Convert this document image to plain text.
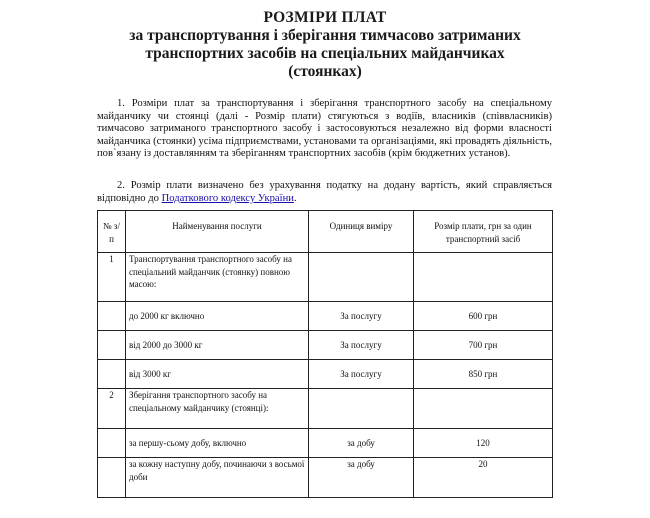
РОЗМІРИ ПЛАТ
за транспортування і зберігання тимчасово затриманих
транспортних засобів на спеціальних майданчиках
(стоянках)
1. Розміри плат за транспортування і зберігання транспортного засобу на спеціальному майданчику чи стоянці (далі - Розмір плати) стягуються з водіїв, власників (співвласників) тимчасово затриманого транспортного засобу і застосовуються незалежно від форми власності майданчика (стоянки) усіма підприємствами, установами та організаціями, які провадять діяльність, пов`язану із доставлянням та зберіганням транспортних засобів (крім бюджетних установ).
2. Розмір плати визначено без урахування податку на додану вартість, який справляється відповідно до Податкового кодексу України.
№ з/п	Найменування послуги	Одиниця виміру	Розмір плати, грн за один транспортний засіб
1	Транспортування транспортного засобу на спеціальний майданчик (стоянку) повною масою:		
	до 2000 кг включно	За послугу	600 грн
	від 2000 до 3000 кг	За послугу	700 грн
	від 3000 кг	За послугу	850 грн
2	Зберігання транспортного засобу на спеціальному майданчику (стоянці):		
	за першу-сьому добу, включно	за добу	120
	за кожну наступну добу, починаючи з восьмої доби	за добу	20
